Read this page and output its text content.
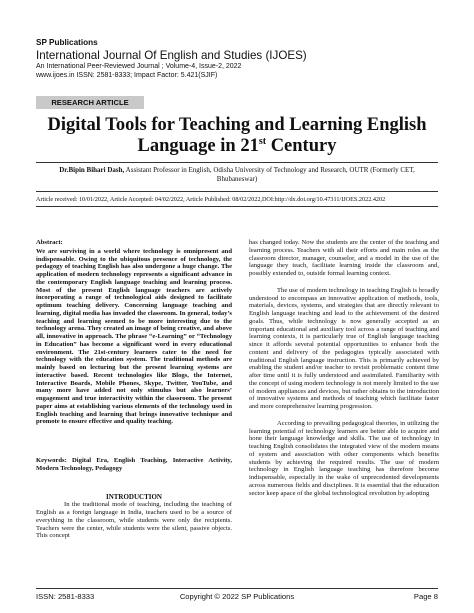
SP Publications
International Journal Of English and Studies (IJOES)
An International Peer-Reviewed Journal ; Volume-4, Issue-2, 2022
www.ijoes.in ISSN: 2581-8333; Impact Factor: 5.421(SJIF)
RESEARCH ARTICLE
Digital Tools for Teaching and Learning English
Language in 21st Century
Dr.Bipin Bihari Dash, Assistant Professor in English, Odisha University of Technology and Research, OUTR (Formerly CET, Bhubaneswar)
Article received: 10/01/2022, Article Accepted: 04/02/2022, Article Published: 08/02/2022,DOI:http://dx.doi.org/10.47311/IJOES.2022.4202
Abstract:
We are surviving in a world where technology is omnipresent and indispensable. Owing to the ubiquitous presence of technology, the pedagogy of teaching English has also undergone a huge change. The application of modern technology represents a significant advance in the contemporary English language teaching and learning process. Most of the present English language teachers are actively incorporating a range of technological aids designed to facilitate optimum teaching delivery. Concerning language teaching and learning, digital media has invaded the classroom. In general, today’s teaching and learning seemed to be more interesting due to the technology arena. They created an image of being creative, and above all, innovative in approach. The phrase “e-Learning” or “Technology in Education” has become a significant word in every educational environment. The 21st-century learners cater to the need for technology with the education system. The traditional methods are mainly based on lecturing but the present learning systems are interactive based. Recent technologies like Blogs, the Internet, Interactive Boards, Mobile Phones, Skype, Twitter, YouTube, and many more have added not only stimulus but also learners’ engagement and true interactivity within the classroom. The present paper aims at establishing various elements of the technology used in English teaching and learning that brings innovative technique and promote to ensure effective and quality teaching.
Keywords: Digital Era, English Teaching, Interactive Activity, Modern Technology, Pedagogy
INTRODUCTION

In the traditional mode of teaching, including the teaching of English as a foreign language in India, teachers used to be a source of everything in the classroom, while students were only the recipients. Teachers were the center, while students were the silent, passive objects. This concept

has changed today. Now the students are the center of the teaching and learning process. Teachers with all their efforts and main roles as the classroom director, manager, counselor, and a model in the use of the language they teach, facilitate learning inside the classroom and, possibly extended to, outside formal learning context.

The use of modern technology in teaching English is broadly understood to encompass an innovative application of methods, tools, materials, devices, systems, and strategies that are directly relevant to English language teaching and lead to the achievement of the desired goals. Thus, while technology is now generally accepted as an important educational and auxiliary tool across a range of teaching and learning contexts, it is particularly true of English language teaching since it affords several potential opportunities to enhance both the content and delivery of the pedagogies typically associated with traditional English language instruction. This is primarily achieved by enabling the student and/or teacher to revisit problematic content time after time until it is fully understood and assimilated. Familiarity with the concept of using modern technology is not merely limited to the use of modern appliances and devices, but rather obtains to the introduction of innovative systems and methods of teaching which facilitate faster and more comprehensive learning progression.

According to prevailing pedagogical theories, in utilizing the learning potential of technology learners are better able to acquire and hone their language knowledge and skills. The use of technology in teaching English consolidates the integrated view of the modern means of system and association with other components which benefits students by achieving the required results. The use of modern technology in English language teaching has therefore become indispensable, especially in the wake of unprecedented developments across numerous fields and disciplines. It is essential that the education sector keep apace of the global technological revolution by adopting

ISSN: 2581-8333	Copyright © 2022 SP Publications	Page 8
